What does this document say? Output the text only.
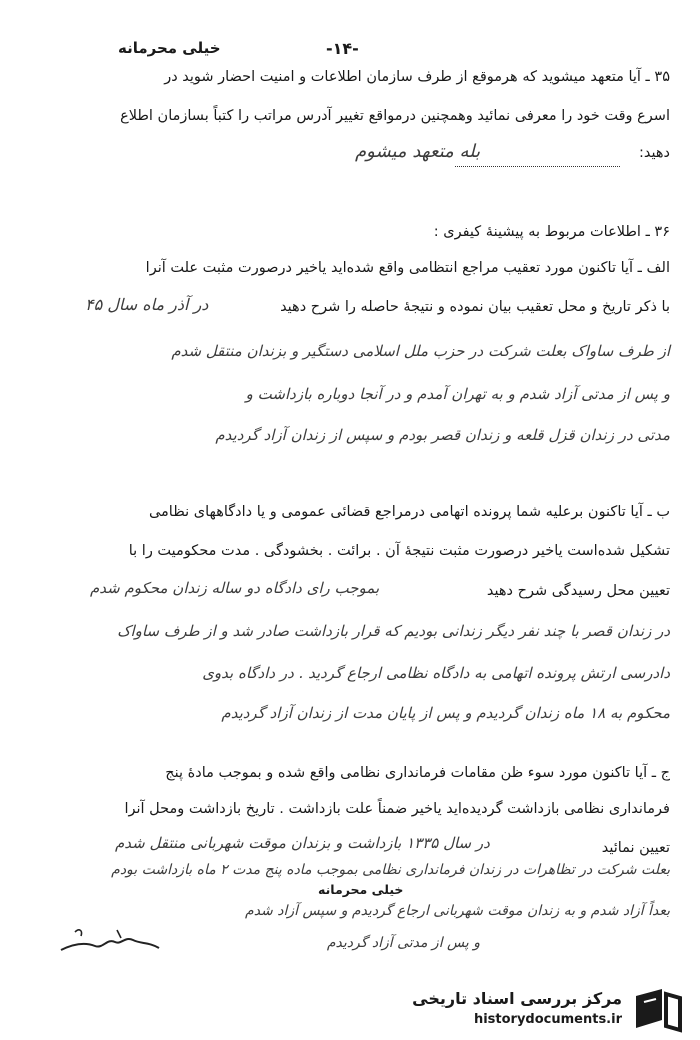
خیلی محرمانه	-۱۴-
۳۵ ـ آیا متعهد میشوید که هرموقع از طرف سازمان اطلاعات و امنیت احضار شوید در
اسرع وقت خود را معرفی نمائید وهمچنین درمواقع تغییر آدرس مراتب را کتباً بسازمان اطلاع
دهید:
بله متعهد میشوم
۳۶ ـ اطلاعات مربوط به پیشینهٔ کیفری :
الف ـ آیا تاکنون مورد تعقیب مراجع انتظامی واقع شده‌اید یاخیر درصورت مثبت علت آنرا
با ذکر تاریخ و محل تعقیب بیان نموده و نتیجهٔ حاصله را شرح دهید
در آذر ماه سال ۴۵
از طرف ساواک بعلت شرکت در حزب ملل اسلامی دستگیر و بزندان منتقل شدم
و پس از مدتی آزاد شدم و به تهران آمدم و در آنجا دوباره بازداشت و
مدتی در زندان قزل قلعه و زندان قصر بودم و سپس از زندان آزاد گردیدم
ب ـ آیا تاکنون برعلیه شما پرونده اتهامی درمراجع قضائی عمومی و یا دادگاههای نظامی
تشکیل شده‌است یاخیر درصورت مثبت نتیجهٔ آن . برائت . بخشودگی . مدت محکومیت را با
تعیین محل رسیدگی شرح دهید
بموجب رای دادگاه دو ساله زندان محکوم شدم
در زندان قصر با چند نفر دیگر زندانی بودیم که قرار بازداشت صادر شد و از طرف ساواک
دادرسی ارتش پرونده اتهامی به دادگاه نظامی ارجاع گردید . در دادگاه بدوی
محکوم به ۱۸ ماه زندان گردیدم و پس از پایان مدت از زندان آزاد گردیدم
ج ـ آیا تاکنون مورد سوء ظن مقامات فرمانداری نظامی واقع شده و بموجب مادهٔ پنج
فرمانداری نظامی بازداشت گردیده‌اید یاخیر ضمناً علت بازداشت . تاریخ بازداشت ومحل آنرا
تعیین نمائید
در سال ۱۳۳۵ بازداشت و بزندان موقت شهربانی منتقل شدم
بعلت شرکت در تظاهرات در زندان فرمانداری نظامی بموجب ماده پنج مدت ۲ ماه بازداشت بودم
خیلی محرمانه
بعداً آزاد شدم و به زندان موقت شهربانی ارجاع گردیدم و سپس آزاد شدم
و پس از مدتی آزاد گردیدم
مرکز بررسی اسناد تاریخی
historydocuments.ir
